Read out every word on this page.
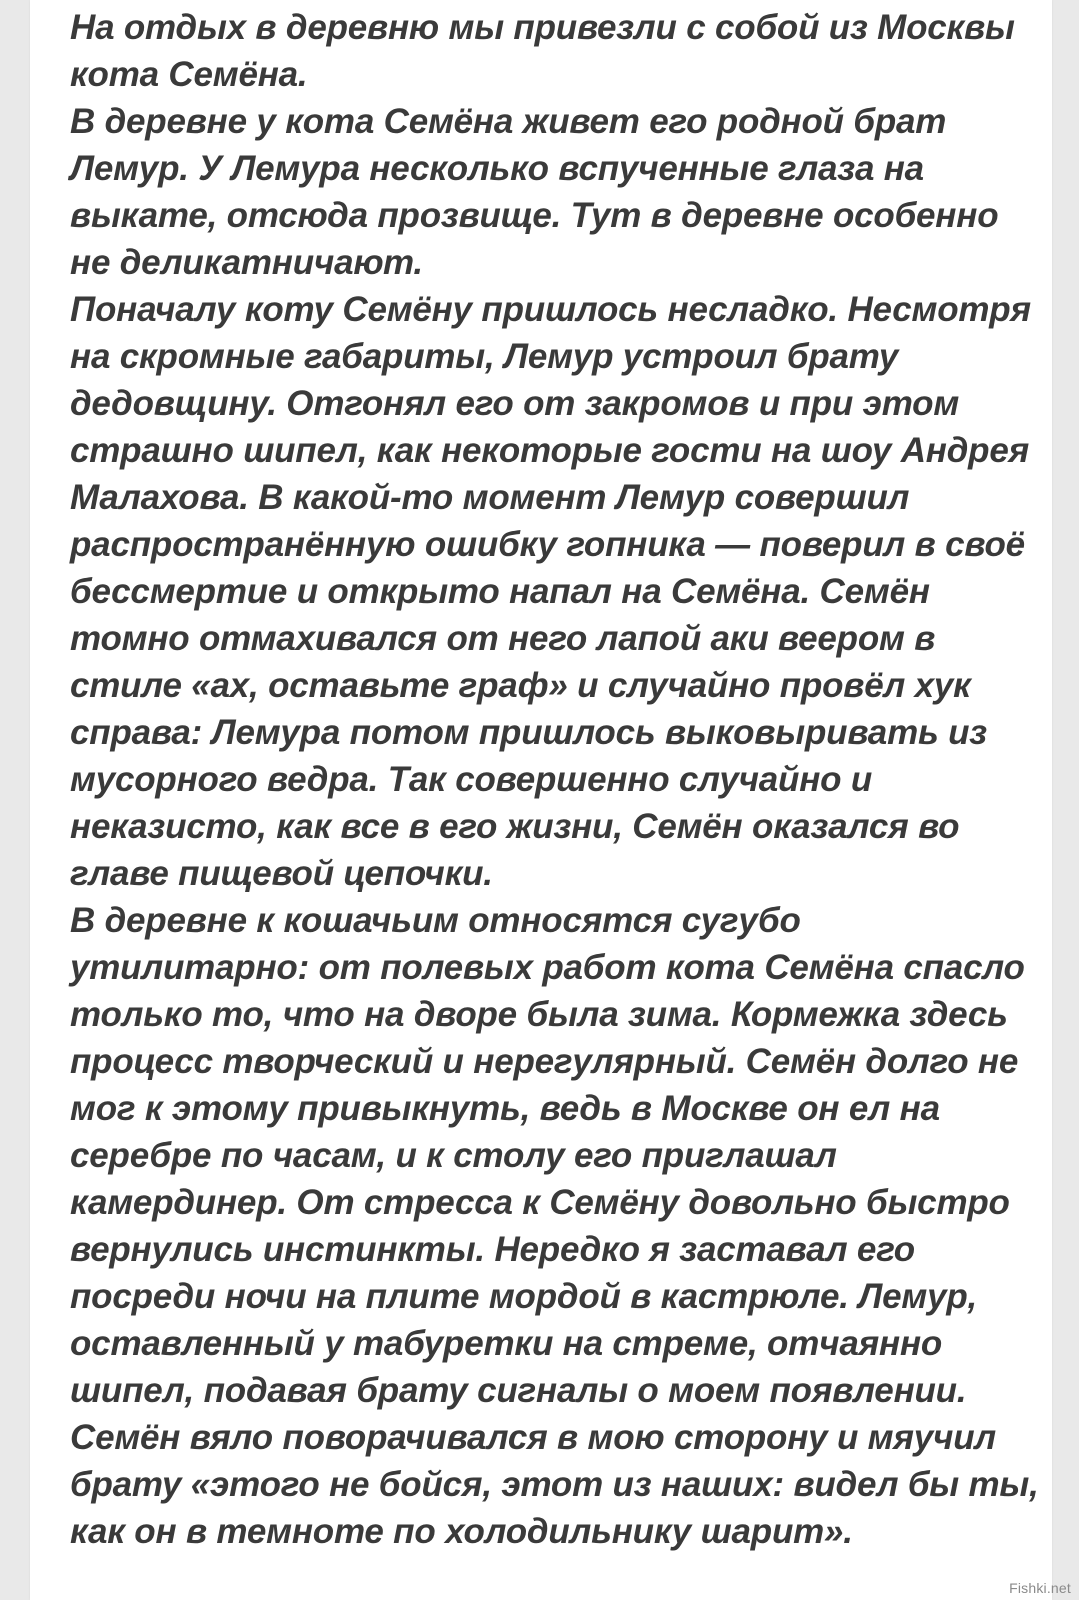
На отдых в деревню мы привезли с собой из Москвы кота Семёна.

В деревне у кота Семёна живет его родной брат Лемур. У Лемура несколько вспученные глаза на выкате, отсюда прозвище. Тут в деревне особенно не деликатничают.

Поначалу коту Семёну пришлось несладко. Несмотря на скромные габариты, Лемур устроил брату дедовщину. Отгонял его от закромов и при этом страшно шипел, как некоторые гости на шоу Андрея Малахова. В какой-то момент Лемур совершил распространённую ошибку гопника — поверил в своё бессмертие и открыто напал на Семёна. Семён томно отмахивался от него лапой аки веером в стиле «ах, оставьте граф» и случайно провёл хук справа: Лемура потом пришлось выковыривать из мусорного ведра. Так совершенно случайно и неказисто, как все в его жизни, Семён оказался во главе пищевой цепочки.

В деревне к кошачьим относятся сугубо утилитарно: от полевых работ кота Семёна спасло только то, что на дворе была зима. Кормежка здесь процесс творческий и нерегулярный. Семён долго не мог к этому привыкнуть, ведь в Москве он ел на серебре по часам, и к столу его приглашал камердинер. От стресса к Семёну довольно быстро вернулись инстинкты. Нередко я заставал его посреди ночи на плите мордой в кастрюле. Лемур, оставленный у табуретки на стреме, отчаянно шипел, подавая брату сигналы о моем появлении. Семён вяло поворачивался в мою сторону и мяучил брату «этого не бойся, этот из наших: видел бы ты, как он в темноте по холодильнику шарит».

Fishki.net
